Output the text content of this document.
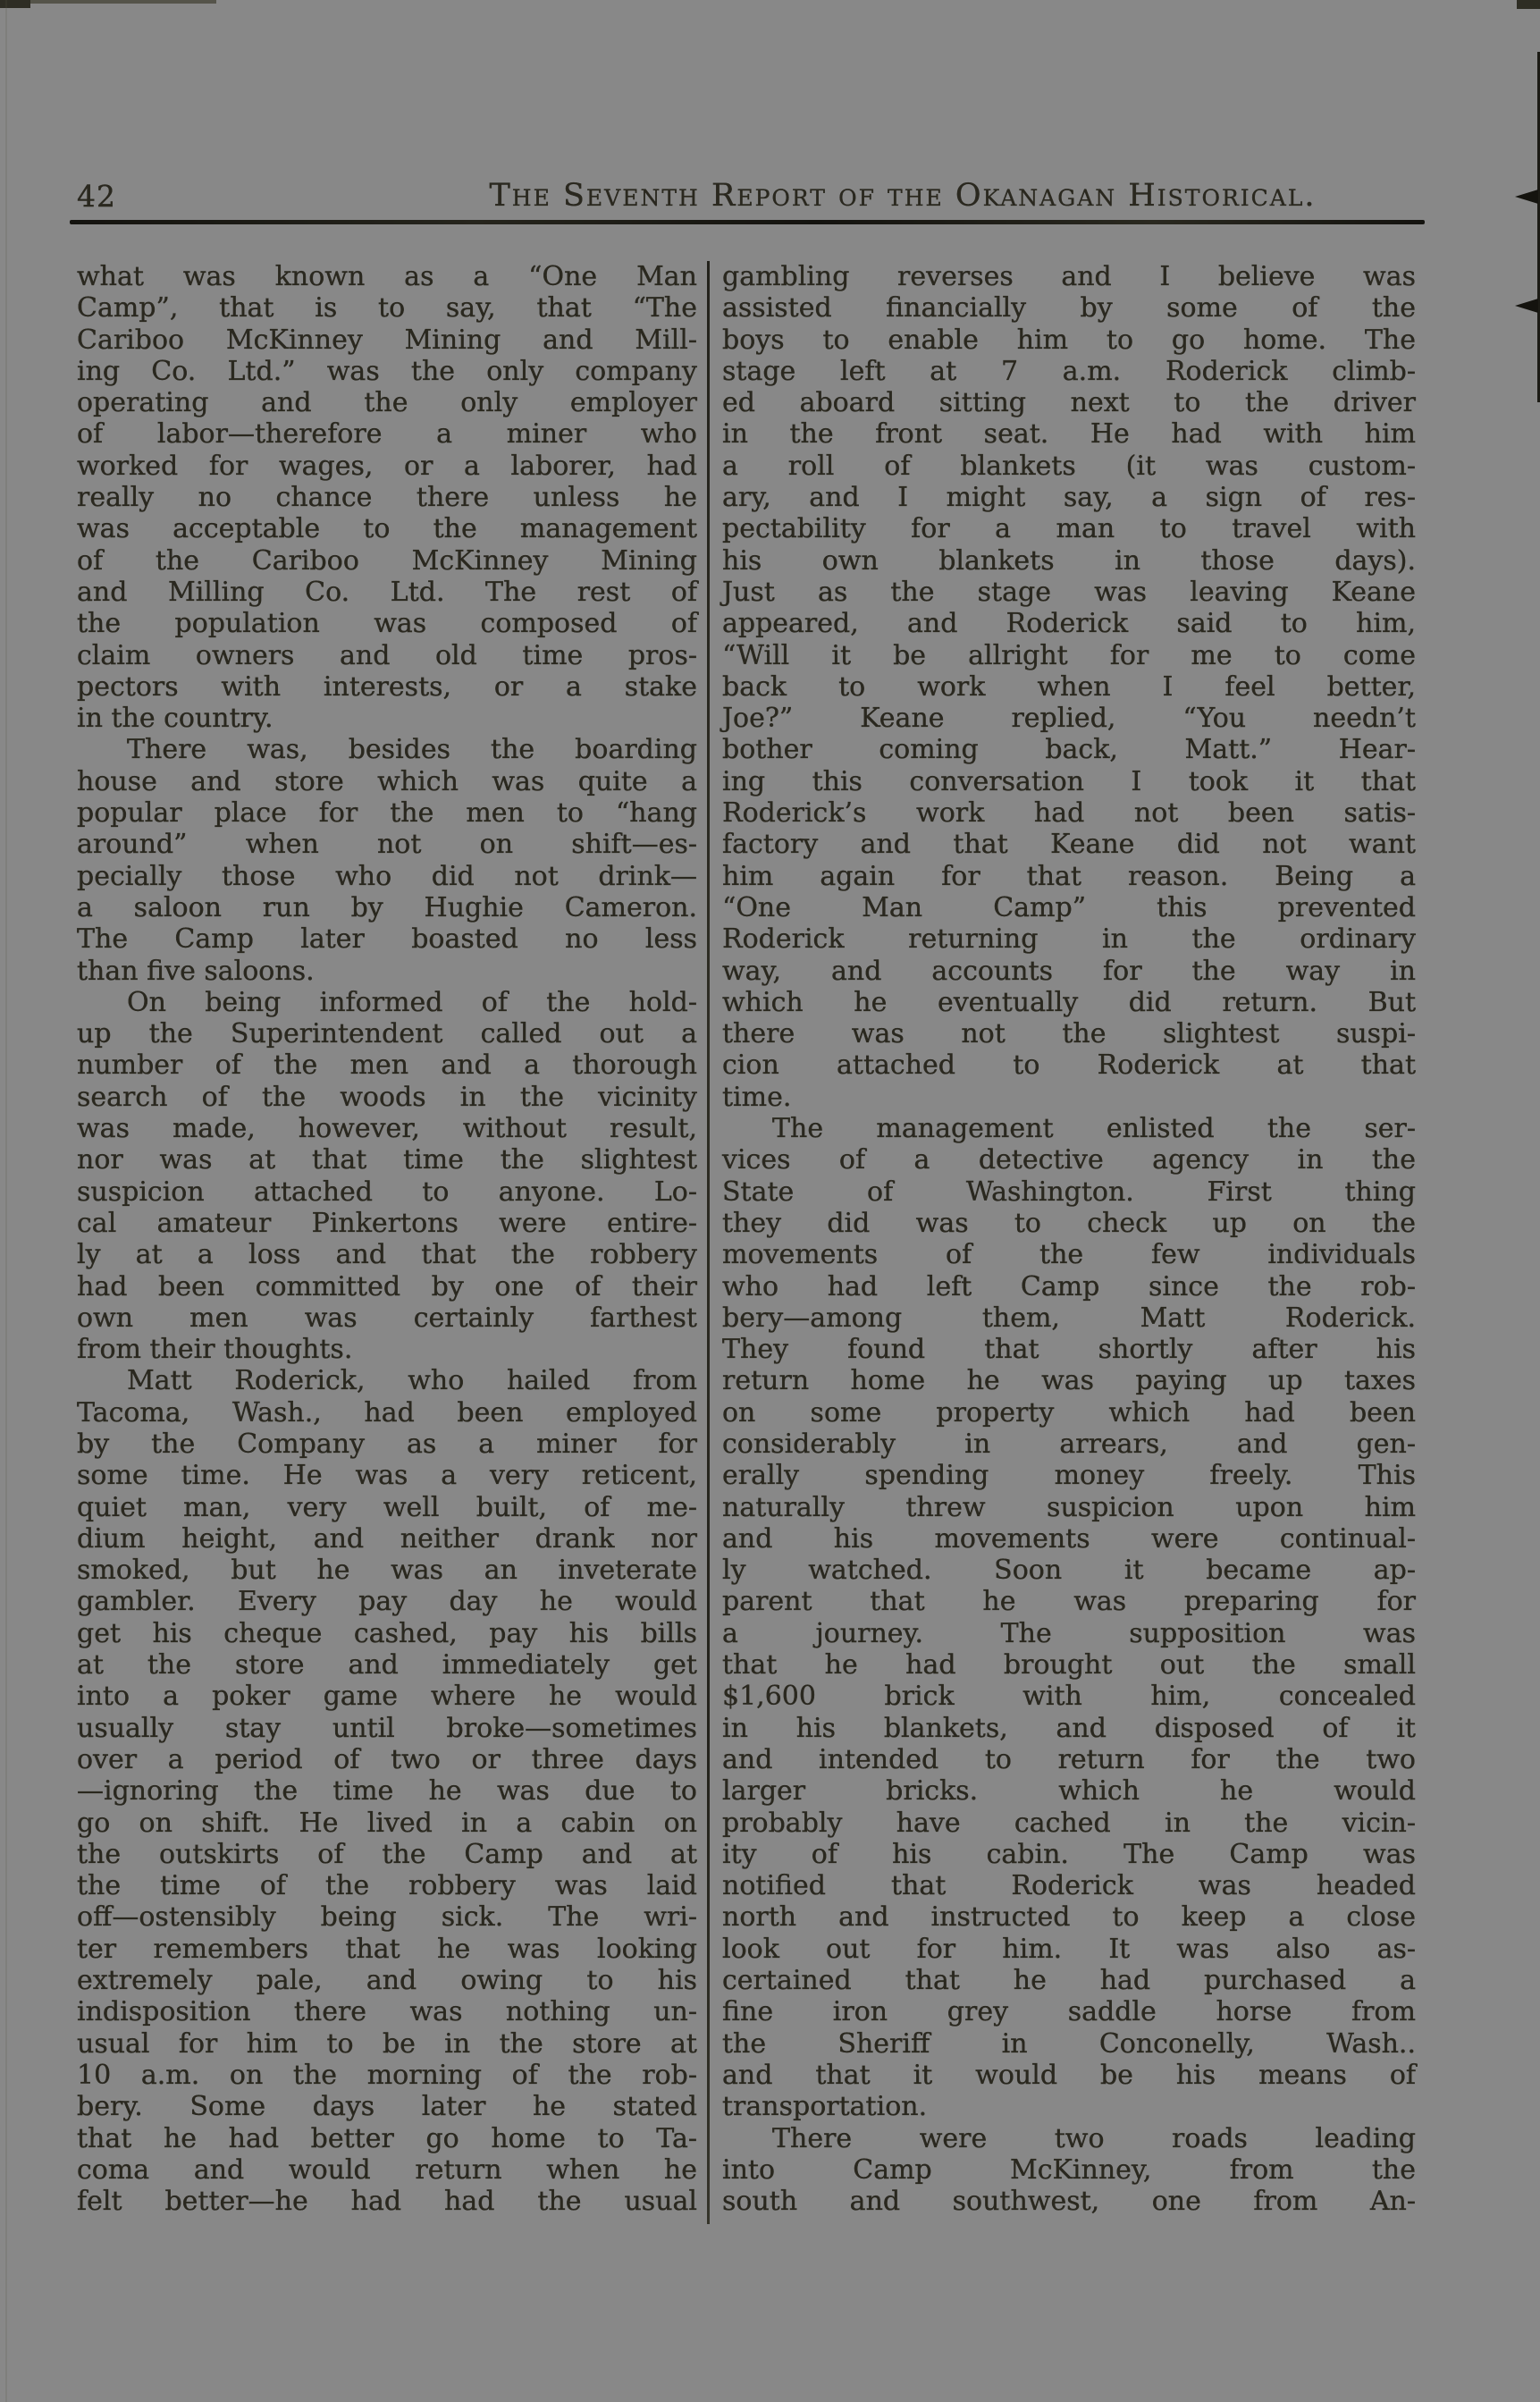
42	The Seventh Report of the Okanagan Historical.
what was known as a “One Man
Camp”, that is to say, that “The
Cariboo McKinney Mining and Mill-
ing Co. Ltd.” was the only company
operating and the only employer
of labor—therefore a miner who
worked for wages, or a laborer, had
really no chance there unless he
was acceptable to the management
of the Cariboo McKinney Mining
and Milling Co. Ltd. The rest of
the population was composed of
claim owners and old time pros-
pectors with interests, or a stake
in the country.
There was, besides the boarding
house and store which was quite a
popular place for the men to “hang
around” when not on shift—es-
pecially those who did not drink—
a saloon run by Hughie Cameron.
The Camp later boasted no less
than five saloons.
On being informed of the hold-
up the Superintendent called out a
number of the men and a thorough
search of the woods in the vicinity
was made, however, without result,
nor was at that time the slightest
suspicion attached to anyone. Lo-
cal amateur Pinkertons were entire-
ly at a loss and that the robbery
had been committed by one of their
own men was certainly farthest
from their thoughts.
Matt Roderick, who hailed from
Tacoma, Wash., had been employed
by the Company as a miner for
some time. He was a very reticent,
quiet man, very well built, of me-
dium height, and neither drank nor
smoked, but he was an inveterate
gambler. Every pay day he would
get his cheque cashed, pay his bills
at the store and immediately get
into a poker game where he would
usually stay until broke—sometimes
over a period of two or three days
—ignoring the time he was due to
go on shift. He lived in a cabin on
the outskirts of the Camp and at
the time of the robbery was laid
off—ostensibly being sick. The wri-
ter remembers that he was looking
extremely pale, and owing to his
indisposition there was nothing un-
usual for him to be in the store at
10 a.m. on the morning of the rob-
bery. Some days later he stated
that he had better go home to Ta-
coma and would return when he
felt better—he had had the usual
gambling reverses and I believe was
assisted financially by some of the
boys to enable him to go home. The
stage left at 7 a.m. Roderick climb-
ed aboard sitting next to the driver
in the front seat. He had with him
a roll of blankets (it was custom-
ary, and I might say, a sign of res-
pectability for a man to travel with
his own blankets in those days).
Just as the stage was leaving Keane
appeared, and Roderick said to him,
“Will it be allright for me to come
back to work when I feel better,
Joe?” Keane replied, “You needn’t
bother coming back, Matt.” Hear-
ing this conversation I took it that
Roderick’s work had not been satis-
factory and that Keane did not want
him again for that reason. Being a
“One Man Camp” this prevented
Roderick returning in the ordinary
way, and accounts for the way in
which he eventually did return. But
there was not the slightest suspi-
cion attached to Roderick at that
time.
The management enlisted the ser-
vices of a detective agency in the
State of Washington. First thing
they did was to check up on the
movements of the few individuals
who had left Camp since the rob-
bery—among them, Matt Roderick.
They found that shortly after his
return home he was paying up taxes
on some property which had been
considerably in arrears, and gen-
erally spending money freely. This
naturally threw suspicion upon him
and his movements were continual-
ly watched. Soon it became ap-
parent that he was preparing for
a journey. The supposition was
that he had brought out the small
$1,600 brick with him, concealed
in his blankets, and disposed of it
and intended to return for the two
larger bricks. which he would
probably have cached in the vicin-
ity of his cabin. The Camp was
notified that Roderick was headed
north and instructed to keep a close
look out for him. It was also as-
certained that he had purchased a
fine iron grey saddle horse from
the Sheriff in Conconelly, Wash..
and that it would be his means of
transportation.
There were two roads leading
into Camp McKinney, from the
south and southwest, one from An-
